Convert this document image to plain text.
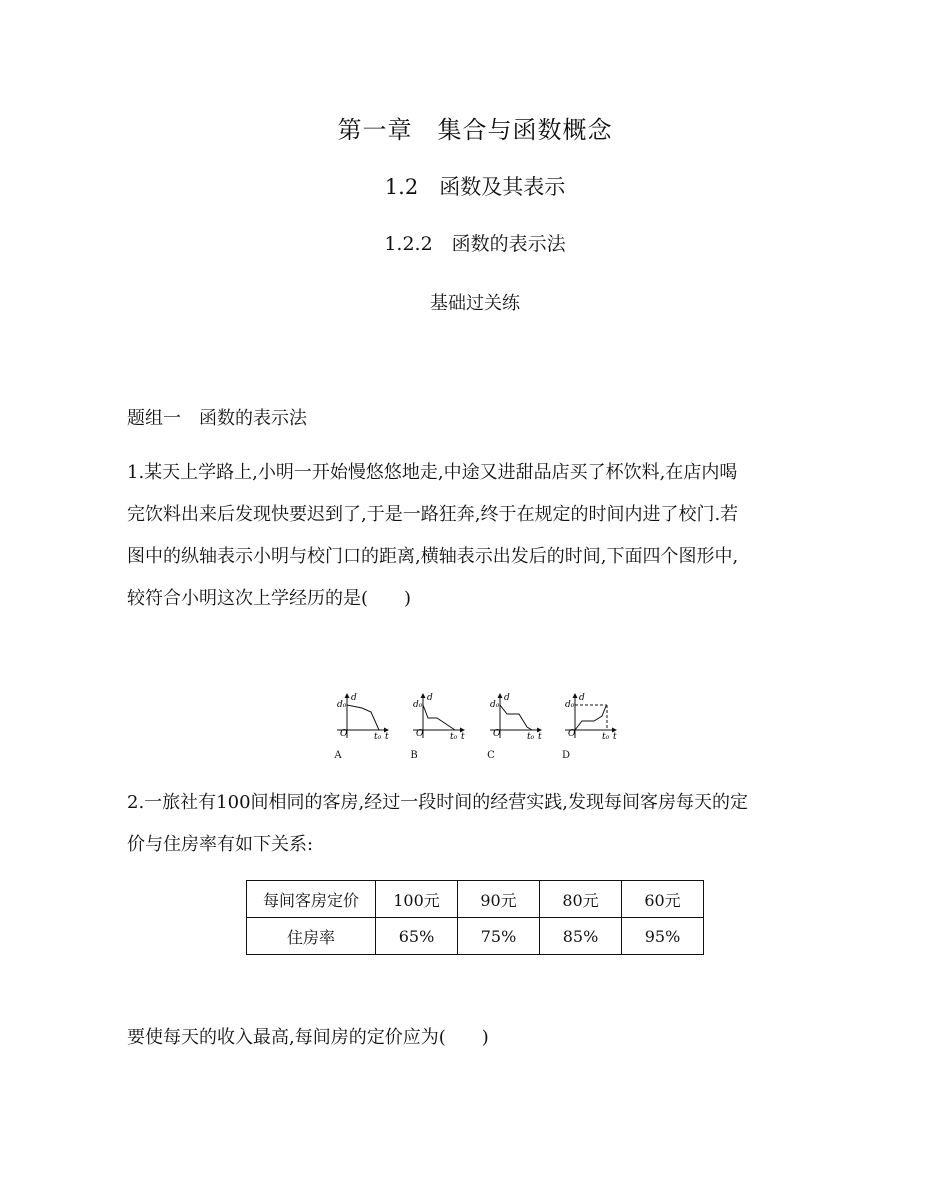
第一章　集合与函数概念
1.2　函数及其表示
1.2.2　函数的表示法
基础过关练
题组一　函数的表示法
1.某天上学路上,小明一开始慢悠悠地走,中途又进甜品店买了杯饮料,在店内喝
完饮料出来后发现快要迟到了,于是一路狂奔,终于在规定的时间内进了校门.若
图中的纵轴表示小明与校门口的距离,横轴表示出发后的时间,下面四个图形中,
较符合小明这次上学经历的是(　　)
O
d₀
d
t₀ t
A
O
d₀
d
t₀ t
B
O
d₀
d
t₀ t
C
O
d₀
d
t₀ t
D
2.一旅社有100间相同的客房,经过一段时间的经营实践,发现每间客房每天的定
价与住房率有如下关系:
每间客房定价	100元	90元	80元	60元
住房率	65%	75%	85%	95%
要使每天的收入最高,每间房的定价应为(　　)
